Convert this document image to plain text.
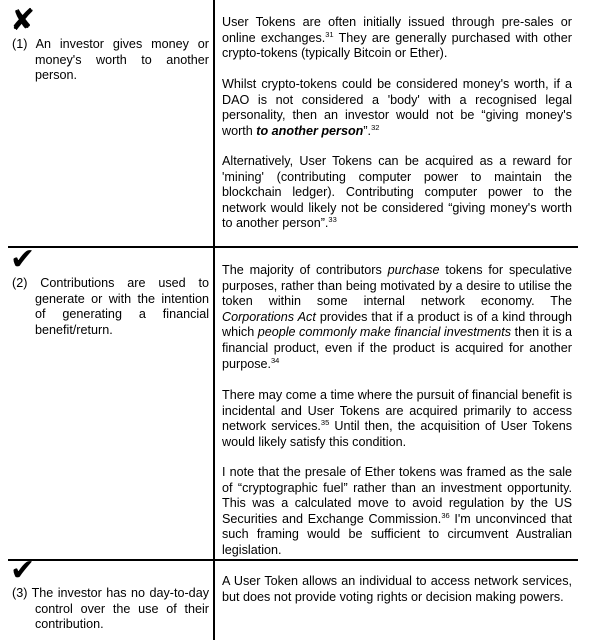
✘
(1) An investor gives money or money's worth to another person.
User Tokens are often initially issued through pre-sales or online exchanges.$^{31}$ They are generally purchased with other crypto-tokens (typically Bitcoin or Ether).
Whilst crypto-tokens could be considered money's worth, if a DAO is not considered a 'body' with a recognised legal personality, then an investor would not be “giving money's worth to another person”.$^{32}$
Alternatively, User Tokens can be acquired as a reward for 'mining' (contributing computer power to maintain the blockchain ledger). Contributing computer power to the network would likely not be considered “giving money's worth to another person”.$^{33}$
✔
(2) Contributions are used to generate or with the intention of generating a financial benefit/return.
The majority of contributors purchase tokens for speculative purposes, rather than being motivated by a desire to utilise the token within some internal network economy. The Corporations Act provides that if a product is of a kind through which people commonly make financial investments then it is a financial product, even if the product is acquired for another purpose.$^{34}$
There may come a time where the pursuit of financial benefit is incidental and User Tokens are acquired primarily to access network services.$^{35}$ Until then, the acquisition of User Tokens would likely satisfy this condition.
I note that the presale of Ether tokens was framed as the sale of “cryptographic fuel” rather than an investment opportunity. This was a calculated move to avoid regulation by the US Securities and Exchange Commission.$^{36}$ I'm unconvinced that such framing would be sufficient to circumvent Australian legislation.
✔
(3) The investor has no day-to-day control over the use of their contribution.
A User Token allows an individual to access network services, but does not provide voting rights or decision making powers.
